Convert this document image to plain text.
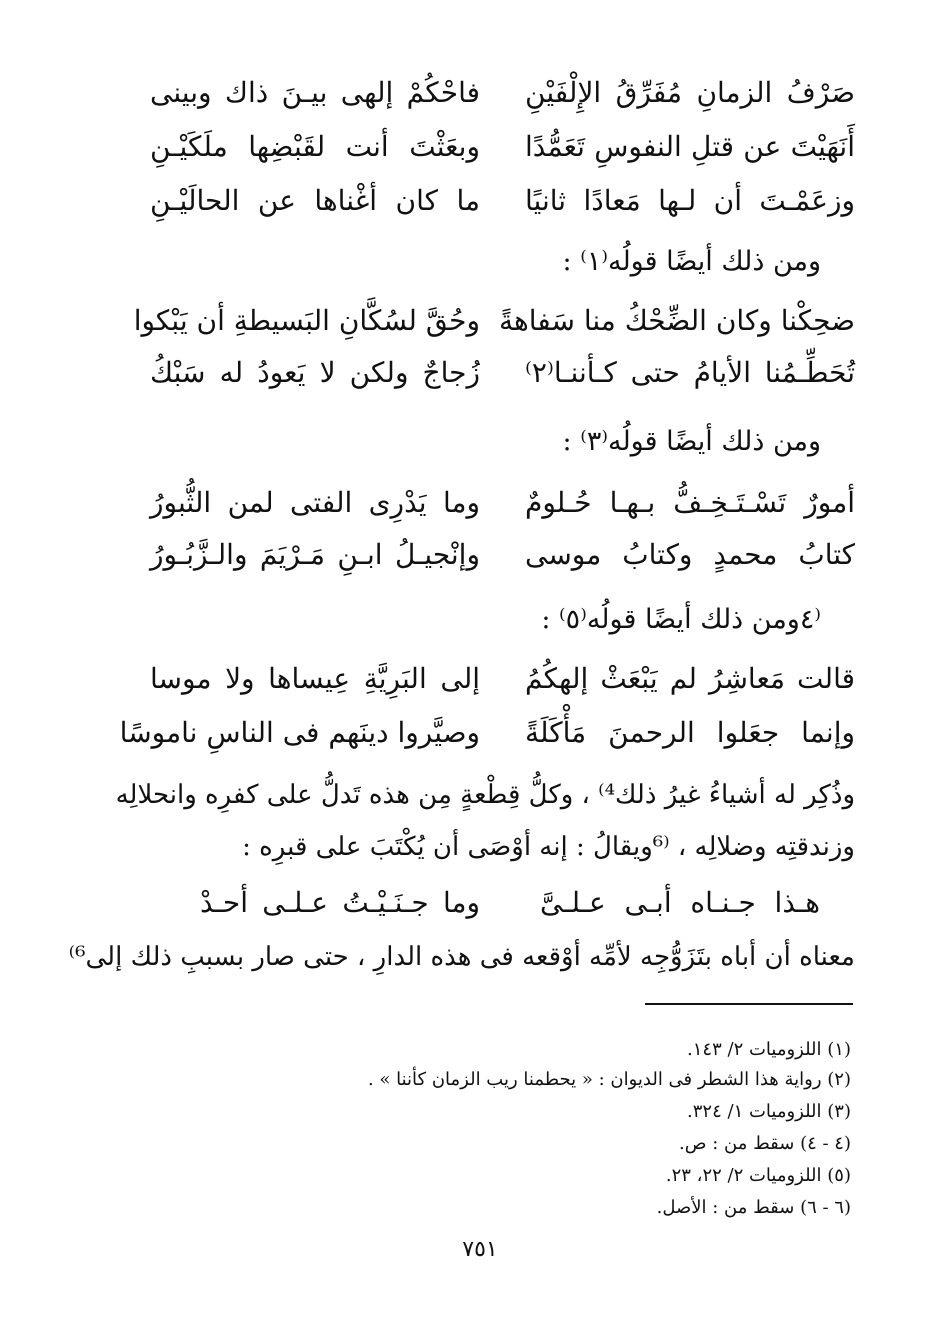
صَرْفُ الزمانِ مُفَرِّقُ الإِلْفَيْنِ
فاحْكُمْ إلهى بيـنَ ذاك وبينى
أَنَهَيْتَ عن قتلِ النفوسِ تَعَمُّدًا
وبعَثْتَ أنت لقَبْضِها ملَكَيْـنِ
وزعَمْـتَ أن لـها مَعادًا ثانيًا
ما كان أغْناها عن الحالَيْـنِ
ومن ذلك أيضًا قولُه⁽١⁾ :
ضحِكْنا وكان الضِّحْكُ منا سَفاهةً
وحُقَّ لسُكَّانِ البَسيطةِ أن يَبْكوا
تُحَطِّـمُنا الأيامُ حتى كـأننـا⁽٢⁾
زُجاجٌ ولكن لا يَعودُ له سَبْكُ
ومن ذلك أيضًا قولُه⁽٣⁾ :
أمورٌ تَسْـتَـخِـفُّ بـهـا حُـلومٌ
وما يَدْرِى الفتى لمن الثُّبورُ
كتابُ محمدٍ وكتابُ موسى
وإنْجيـلُ ابـنِ مَـرْيَمَ والـزَّبُـورُ
⁽٤ومن ذلك أيضًا قولُه⁽٥⁾ :
قالت مَعاشِرُ لم يَبْعَثْ إلهكُمُ
إلى البَرِيَّةِ عِيساها ولا موسا
وإنما جعَلوا الرحمنَ مَأْكَلَةً
وصيَّروا دينَهم فى الناسِ ناموسًا
وذُكِر له أشياءُ غيرُ ذلك⁴⁾ ، وكلُّ قِطْعةٍ مِن هذه تَدلُّ على كفرِه وانحلالِه
وزندقتِه وضلالِه ، ⁽⁶ويقالُ : إنه أوْصَى أن يُكْتَبَ على قبرِه :
هـذا جـنـاه أبـى عـلـىَّ
وما جـنَـيْـتُ عـلـى أحـدْ
معناه أن أباه بتَزَوُّجِه لأمِّه أوْقعه فى هذه الدارِ ، حتى صار بسببِ ذلك إلى⁶⁾
(١) اللزوميات ٢/ ١٤٣.
(٢) رواية هذا الشطر فى الديوان : « يحطمنا ريب الزمان كأننا » .
(٣) اللزوميات ١/ ٣٢٤.
(٤ - ٤) سقط من : ص.
(٥) اللزوميات ٢/ ٢٢، ٢٣.
(٦ - ٦) سقط من : الأصل.
٧٥١
